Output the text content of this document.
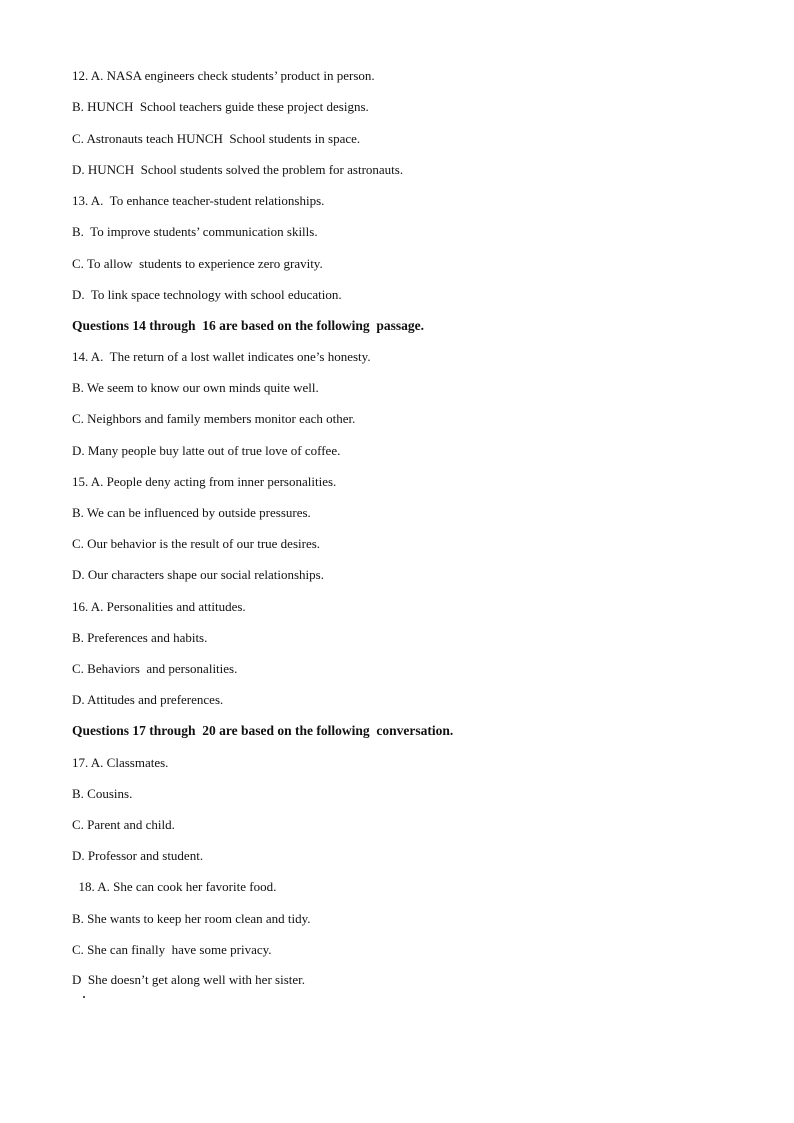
12. A. NASA engineers check students’ product in person.
B. HUNCH  School teachers guide these project designs.
C. Astronauts teach HUNCH  School students in space.
D. HUNCH  School students solved the problem for astronauts.
13. A.  To enhance teacher-student relationships.
B.  To improve students’ communication skills.
C. To allow  students to experience zero gravity.
D.  To link space technology with school education.
Questions 14 through  16 are based on the following  passage.
14. A.  The return of a lost wallet indicates one’s honesty.
B. We seem to know our own minds quite well.
C. Neighbors and family members monitor each other.
D. Many people buy latte out of true love of coffee.
15. A. People deny acting from inner personalities.
B. We can be influenced by outside pressures.
C. Our behavior is the result of our true desires.
D. Our characters shape our social relationships.
16. A. Personalities and attitudes.
B. Preferences and habits.
C. Behaviors  and personalities.
D. Attitudes and preferences.
Questions 17 through  20 are based on the following  conversation.
17. A. Classmates.
B. Cousins.
C. Parent and child.
D. Professor and student.
18. A. She can cook her favorite food.
B. She wants to keep her room clean and tidy.
C. She can finally  have some privacy.
D  She doesn’t get along well with her sister.
